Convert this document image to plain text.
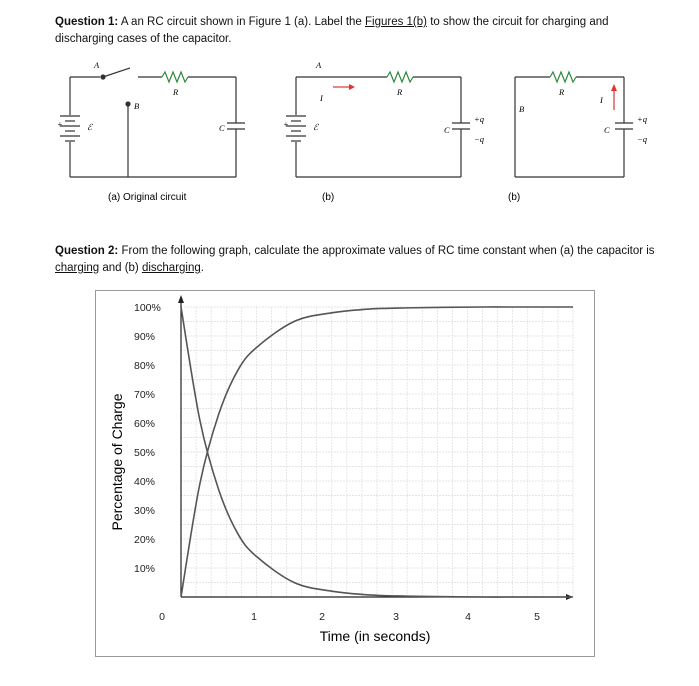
Question 1: A an RC circuit shown in Figure 1 (a). Label the Figures 1(b) to show the circuit for charging and discharging cases of the capacitor.
Question 2: From the following graph, calculate the approximate values of RC time constant when (a) the capacitor is charging and (b) discharging.
A
B
R
C
ℰ
+
(a) Original circuit
A
I
R
C
+q
−q
ℰ
+
(b)
B
R
I
C
+q
−q
(b)
10%
20%
30%
40%
50%
60%
70%
80%
90%
100%
0	1	2	3	4	5
Time (in seconds)
Percentage of Charge
